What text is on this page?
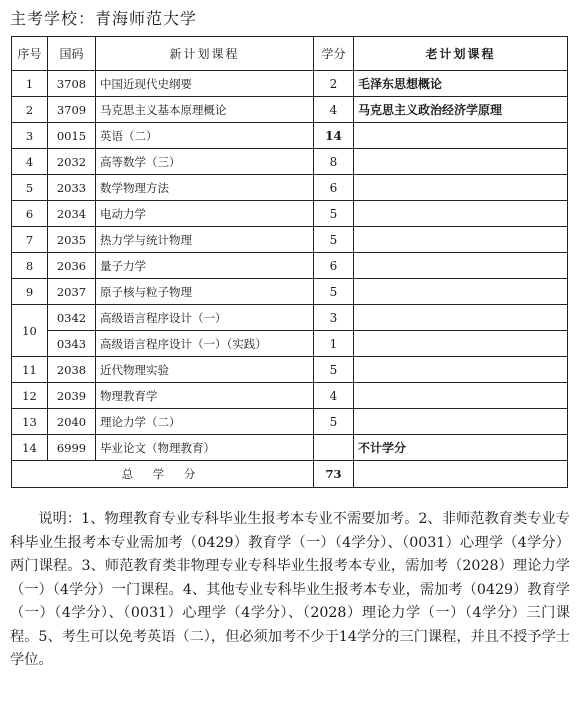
主考学校：青海师范大学
序号	国码	新计划课程	学分	老计划课程
1	3708	中国近现代史纲要	2	毛泽东思想概论
2	3709	马克思主义基本原理概论	4	马克思主义政治经济学原理
3	0015	英语（二）	14	
4	2032	高等数学（三）	8	
5	2033	数学物理方法	6	
6	2034	电动力学	5	
7	2035	热力学与统计物理	5	
8	2036	量子力学	6	
9	2037	原子核与粒子物理	5	
10	0342	高级语言程序设计（一）	3	
	0343	高级语言程序设计（一）（实践）	1	
11	2038	近代物理实验	5	
12	2039	物理教育学	4	
13	2040	理论力学（二）	5	
14	6999	毕业论文（物理教育）		不计学分
总 学 分			73	
说明：1、物理教育专业专科毕业生报考本专业不需要加考。2、非师范教育类专业专科毕业生报考本专业需加考（0429）教育学（一）（4学分）、（0031）心理学（4学分）两门课程。3、师范教育类非物理专业专科毕业生报考本专业，需加考（2028）理论力学（一）（4学分）一门课程。4、其他专业专科毕业生报考本专业，需加考（0429）教育学（一）（4学分）、（0031）心理学（4学分）、（2028）理论力学（一）（4学分）三门课程。5、考生可以免考英语（二），但必须加考不少于14学分的三门课程，并且不授予学士学位。
